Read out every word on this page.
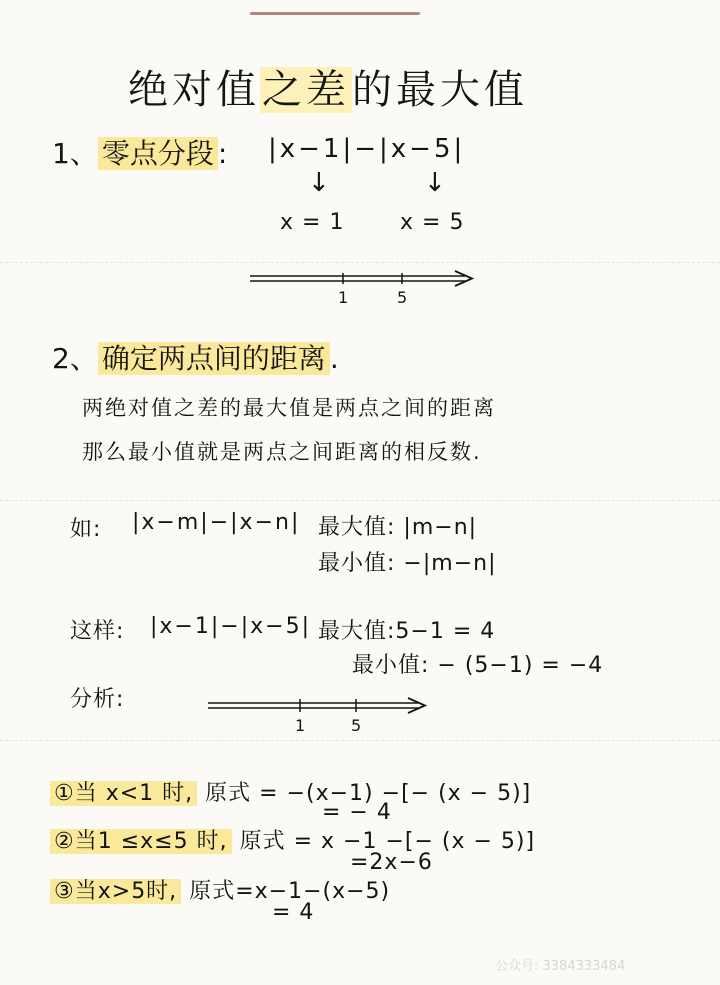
绝对值之差的最大值
1、 零点分段 : |x−1|−|x−5|
↓	↓
x = 1	x = 5
1	5
2、 确定两点间的距离 .
两绝对值之差的最大值是两点之间的距离
那么最小值就是两点之间距离的相反数.
如: |x−m|−|x−n| 最大值: |m−n|
最小值: −|m−n|
这样: |x−1|−|x−5| 最大值:5−1 = 4
最小值: − (5−1) = −4
分析:
1	5
①当 x<1 时, 原式 = −(x−1) −[− (x − 5)]
= − 4
②当1 ≤x≤5 时, 原式 = x −1 −[− (x − 5)]
=2x−6
③当x>5时, 原式=x−1−(x−5)
= 4
公众号: 3384333484
